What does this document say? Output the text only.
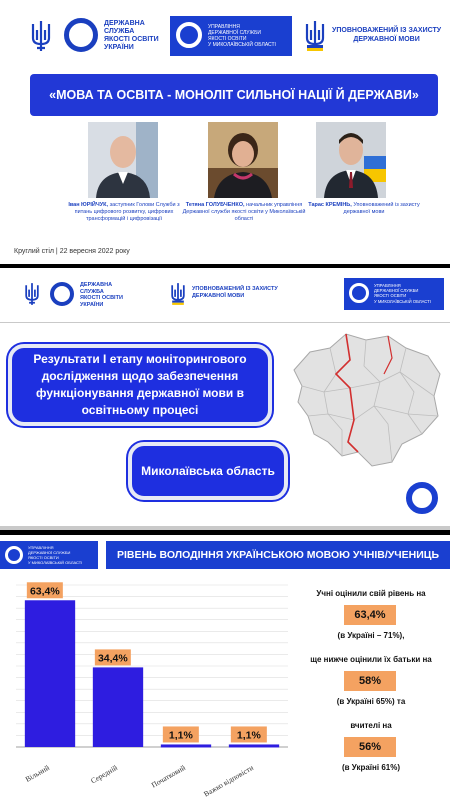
ДЕРЖАВНА
СЛУЖБА
ЯКОСТІ ОСВІТИ
УКРАЇНИ
УПРАВЛІННЯ
ДЕРЖАВНОЇ СЛУЖБИ
ЯКОСТІ ОСВІТИ
У МИКОЛАЇВСЬКІЙ ОБЛАСТІ
УПОВНОВАЖЕНИЙ ІЗ ЗАХИСТУ
ДЕРЖАВНОЇ МОВИ
«МОВА ТА ОСВІТА - МОНОЛІТ СИЛЬНОЇ НАЦІЇ Й ДЕРЖАВИ»
Іван ЮРІЙЧУК, заступник Голови Служби з питань цифрового розвитку, цифрових трансформацій і цифровізації
Тетяна ГОЛУБЧЕНКО, начальник управління Державної служби якості освіти у Миколаївській області
Тарас КРЕМІНЬ, Уповноважений із захисту державної мови
Круглий стіл | 22 вересня 2022 року
ДЕРЖАВНА
СЛУЖБА
ЯКОСТІ ОСВІТИ
УКРАЇНИ
УПОВНОВАЖЕНИЙ ІЗ ЗАХИСТУ
ДЕРЖАВНОЇ МОВИ
УПРАВЛІННЯ
ДЕРЖАВНОЇ СЛУЖБИ
ЯКОСТІ ОСВІТИ
У МИКОЛАЇВСЬКІЙ ОБЛАСТІ
Результати І етапу моніторингового дослідження щодо забезпечення функціонування державної мови в освітньому процесі
Миколаївська область
УПРАВЛІННЯ
ДЕРЖАВНОЇ СЛУЖБИ
ЯКОСТІ ОСВІТИ
У МИКОЛАЇВСЬКІЙ ОБЛАСТІ
РІВЕНЬ ВОЛОДІННЯ УКРАЇНСЬКОЮ МОВОЮ УЧНІВ/УЧЕНИЦЬ
63,4%
Вільний
34,4%
Середній
1,1%
Початковий
1,1%
Важко відповісти
Учні оцінили свій рівень на
63,4%
(в Україні – 71%),
ще нижче оцінили їх батьки на
58%
(в Україні 65%) та
вчителі на
56%
(в Україні 61%)
